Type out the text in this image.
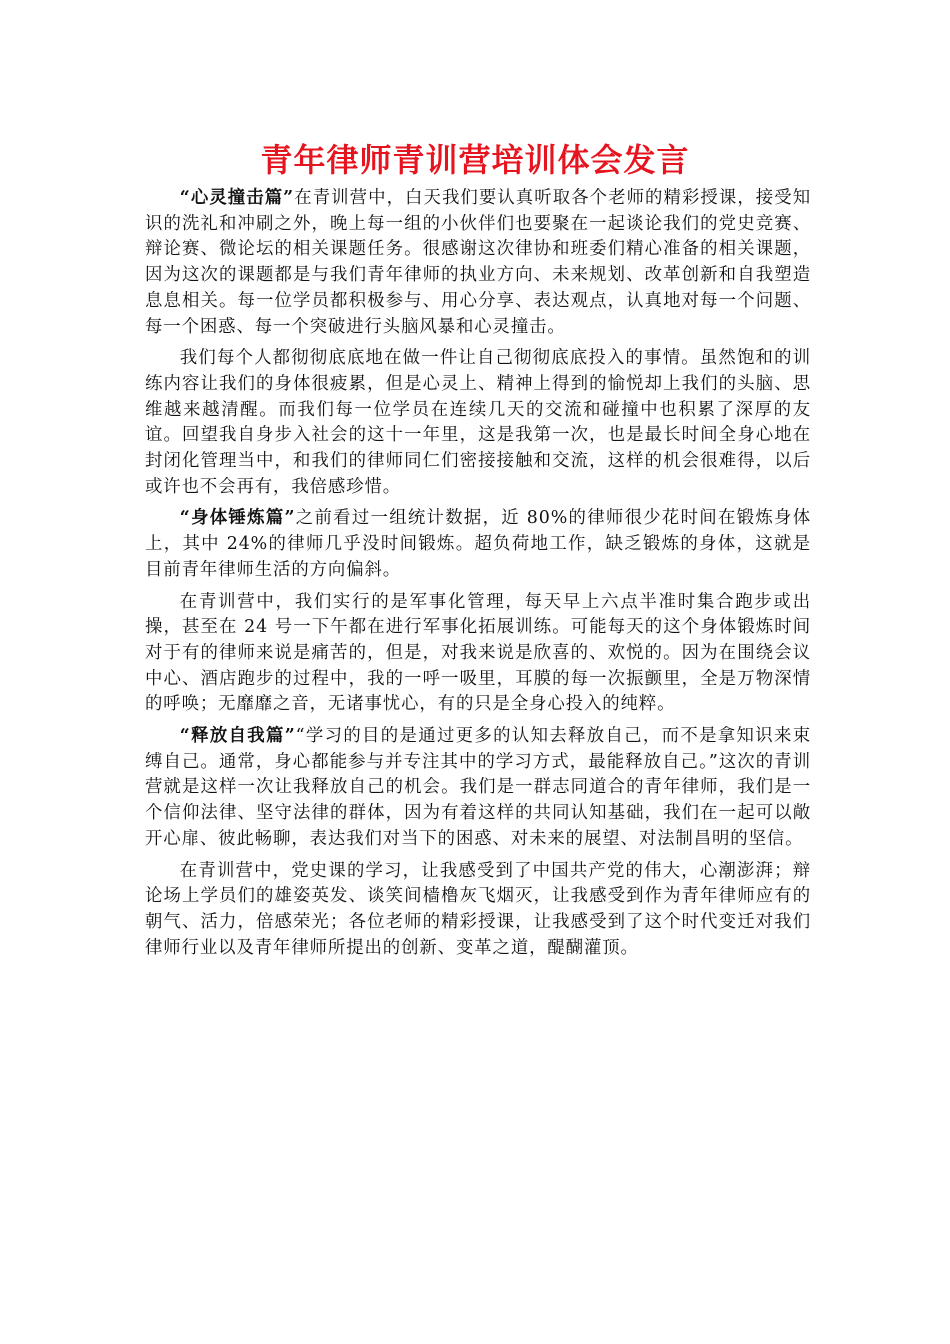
青年律师青训营培训体会发言

“心灵撞击篇”在青训营中，白天我们要认真听取各个老师的精彩授课，接受知识的洗礼和冲刷之外，晚上每一组的小伙伴们也要聚在一起谈论我们的党史竞赛、辩论赛、微论坛的相关课题任务。很感谢这次律协和班委们精心准备的相关课题，因为这次的课题都是与我们青年律师的执业方向、未来规划、改革创新和自我塑造息息相关。每一位学员都积极参与、用心分享、表达观点，认真地对每一个问题、每一个困惑、每一个突破进行头脑风暴和心灵撞击。

我们每个人都彻彻底底地在做一件让自己彻彻底底投入的事情。虽然饱和的训练内容让我们的身体很疲累，但是心灵上、精神上得到的愉悦却上我们的头脑、思维越来越清醒。而我们每一位学员在连续几天的交流和碰撞中也积累了深厚的友谊。回望我自身步入社会的这十一年里，这是我第一次，也是最长时间全身心地在封闭化管理当中，和我们的律师同仁们密接接触和交流，这样的机会很难得，以后或许也不会再有，我倍感珍惜。

“身体锤炼篇”之前看过一组统计数据，近 80%的律师很少花时间在锻炼身体上，其中 24%的律师几乎没时间锻炼。超负荷地工作，缺乏锻炼的身体，这就是目前青年律师生活的方向偏斜。

在青训营中，我们实行的是军事化管理，每天早上六点半准时集合跑步或出操，甚至在 24 号一下午都在进行军事化拓展训练。可能每天的这个身体锻炼时间对于有的律师来说是痛苦的，但是，对我来说是欣喜的、欢悦的。因为在围绕会议中心、酒店跑步的过程中，我的一呼一吸里，耳膜的每一次振颤里，全是万物深情的呼唤；无靡靡之音，无诸事忧心，有的只是全身心投入的纯粹。

“释放自我篇”“学习的目的是通过更多的认知去释放自己，而不是拿知识来束缚自己。通常，身心都能参与并专注其中的学习方式，最能释放自己。”这次的青训营就是这样一次让我释放自己的机会。我们是一群志同道合的青年律师，我们是一个信仰法律、坚守法律的群体，因为有着这样的共同认知基础，我们在一起可以敞开心扉、彼此畅聊，表达我们对当下的困惑、对未来的展望、对法制昌明的坚信。

在青训营中，党史课的学习，让我感受到了中国共产党的伟大，心潮澎湃；辩论场上学员们的雄姿英发、谈笑间樯橹灰飞烟灭，让我感受到作为青年律师应有的朝气、活力，倍感荣光；各位老师的精彩授课，让我感受到了这个时代变迁对我们律师行业以及青年律师所提出的创新、变革之道，醍醐灌顶。
